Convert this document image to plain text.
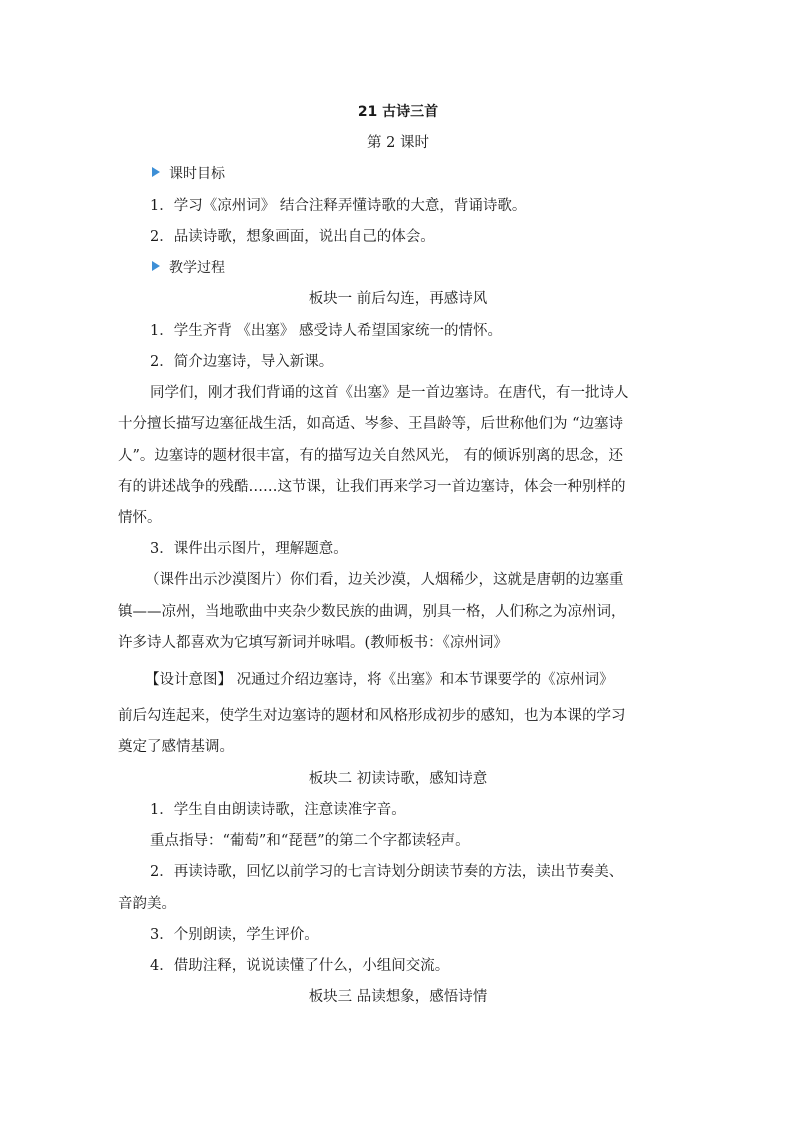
21 古诗三首
第 2 课时
课时目标
1．学习《凉州词》 结合注释弄懂诗歌的大意，背诵诗歌。
2．品读诗歌，想象画面，说出自己的体会。
教学过程
板块一 前后勾连，再感诗风
1．学生齐背 《出塞》 感受诗人希望国家统一的情怀。
2．简介边塞诗，导入新课。
同学们，刚才我们背诵的这首《出塞》是一首边塞诗。在唐代，有一批诗人
十分擅长描写边塞征战生活，如高适、岑参、王昌龄等，后世称他们为 “边塞诗
人”。边塞诗的题材很丰富，有的描写边关自然风光， 有的倾诉别离的思念，还
有的讲述战争的残酷……这节课，让我们再来学习一首边塞诗，体会一种别样的
情怀。
3．课件出示图片，理解题意。
（课件出示沙漠图片）你们看，边关沙漠，人烟稀少，这就是唐朝的边塞重
镇——凉州，当地歌曲中夹杂少数民族的曲调，别具一格，人们称之为凉州词，
许多诗人都喜欢为它填写新词并咏唱。(教师板书：《凉州词》
【设计意图】 况通过介绍边塞诗，将《出塞》和本节课要学的《凉州词》
前后勾连起来，使学生对边塞诗的题材和风格形成初步的感知，也为本课的学习
奠定了感情基调。
板块二 初读诗歌，感知诗意
1．学生自由朗读诗歌，注意读准字音。
重点指导：“葡萄”和“琵琶”的第二个字都读轻声。
2．再读诗歌，回忆以前学习的七言诗划分朗读节奏的方法，读出节奏美、
音韵美。
3．个别朗读，学生评价。
4．借助注释，说说读懂了什么，小组间交流。
板块三 品读想象，感悟诗情
